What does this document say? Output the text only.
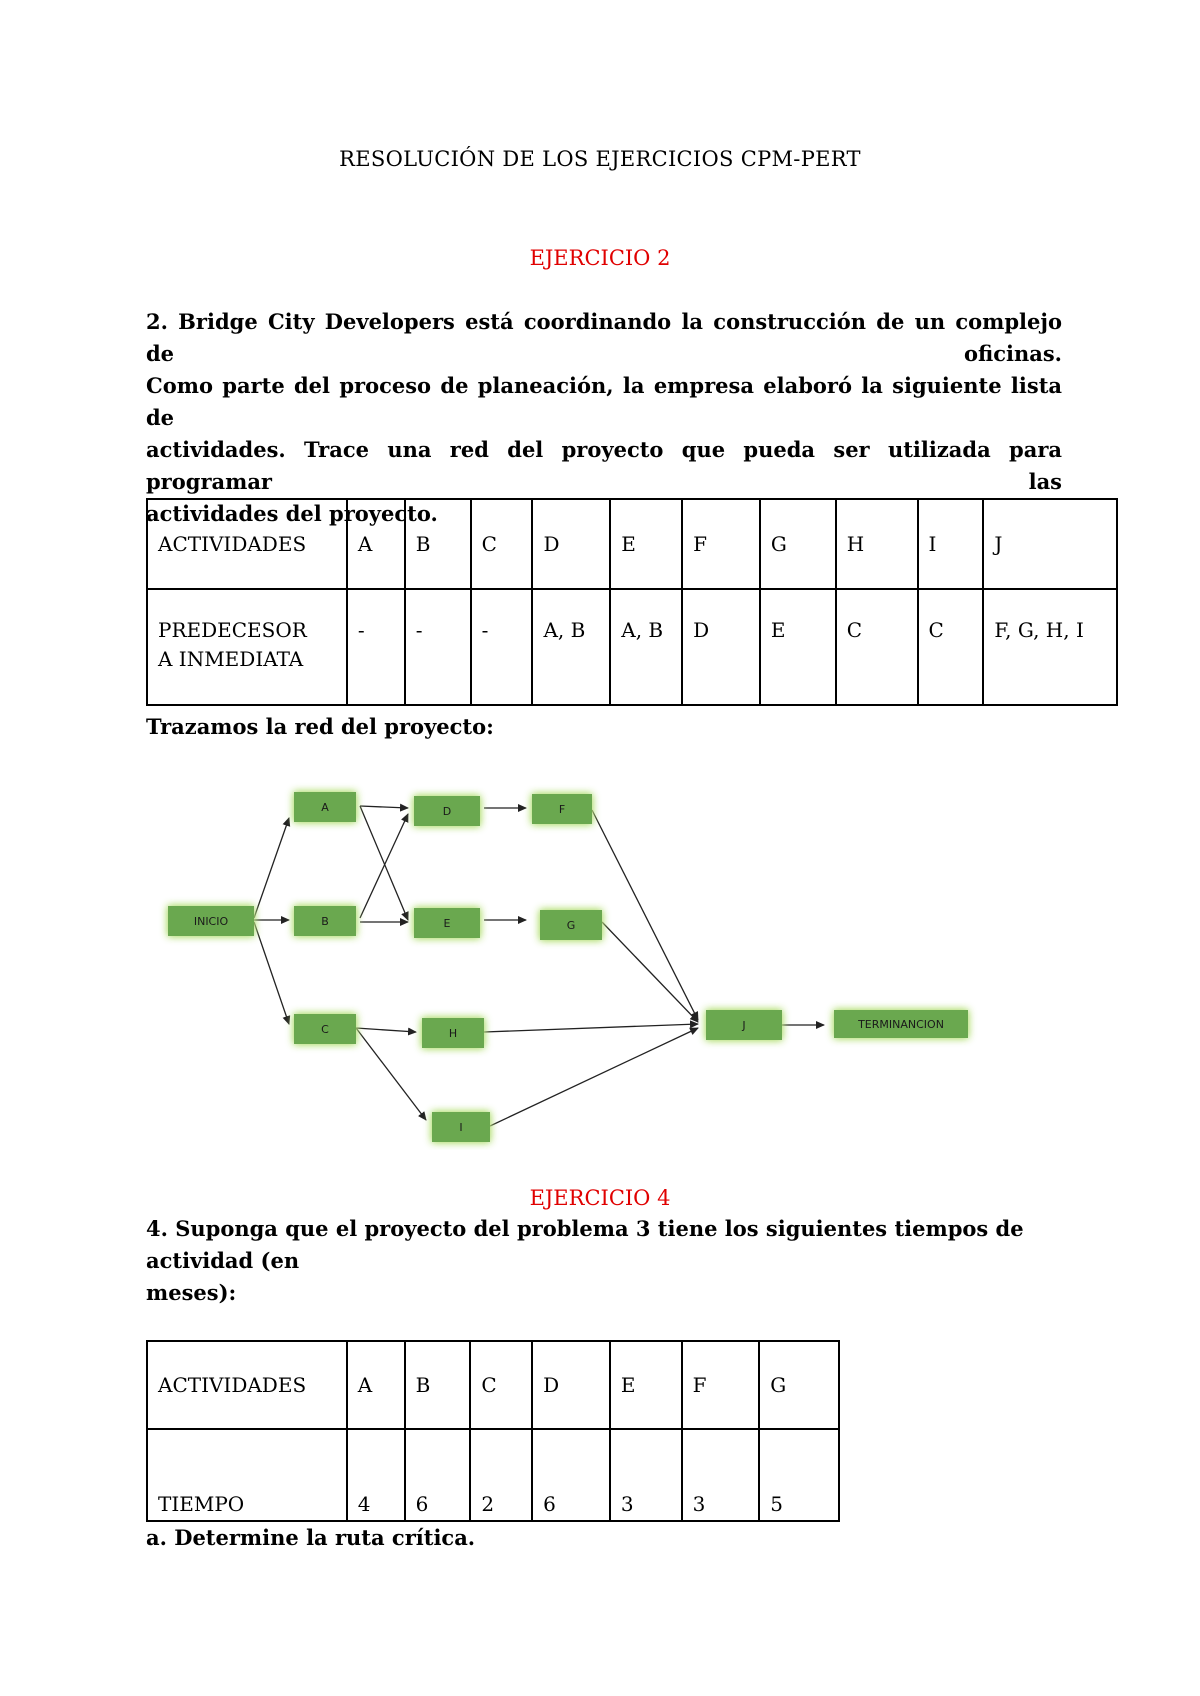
RESOLUCIÓN DE LOS EJERCICIOS CPM-PERT
EJERCICIO 2
2. Bridge City Developers está coordinando la construcción de un complejo de oficinas.
Como parte del proceso de planeación, la empresa elaboró la siguiente lista de
actividades. Trace una red del proyecto que pueda ser utilizada para programar las
actividades del proyecto.
ACTIVIDADES	A	B	C	D	E	F	G	H	I	J

PREDECESOR
A INMEDIATA	-	-	-	A, B	A, B	D	E	C	C	F, G, H, I
Trazamos la red del proyecto:
INICIO
A
B
C
D
E
F
G
H
I
J	TERMINANCION
EJERCICIO 4
4. Suponga que el proyecto del problema 3 tiene los siguientes tiempos de actividad (en
meses):
ACTIVIDADES	A	B	C	D	E	F	G
TIEMPO	4	6	2	6	3	3	5
a. Determine la ruta crítica.
